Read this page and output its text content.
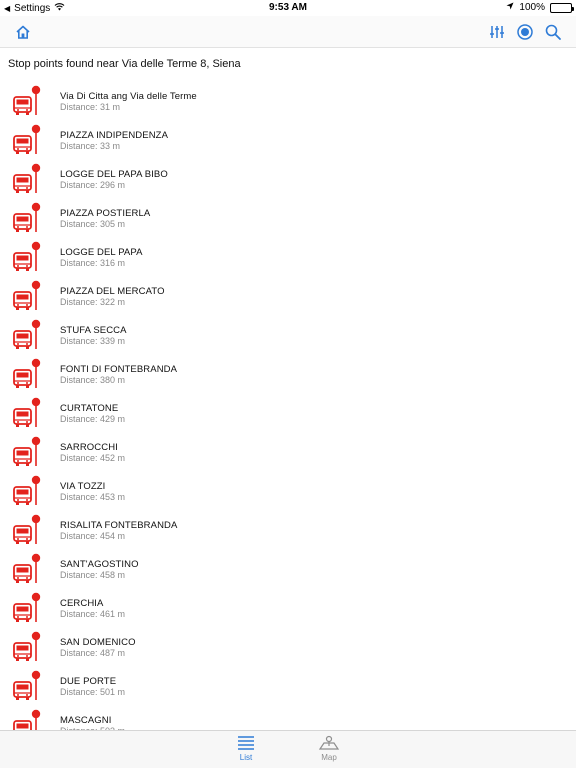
◀ Settings	9:53 AM	100%
Stop points found near Via delle Terme 8, Siena
Via Di Citta ang Via delle Terme
Distance: 31 m
PIAZZA INDIPENDENZA
Distance: 33 m
LOGGE DEL PAPA BIBO
Distance: 296 m
PIAZZA POSTIERLA
Distance: 305 m
LOGGE DEL PAPA
Distance: 316 m
PIAZZA DEL MERCATO
Distance: 322 m
STUFA SECCA
Distance: 339 m
FONTI DI FONTEBRANDA
Distance: 380 m
CURTATONE
Distance: 429 m
SARROCCHI
Distance: 452 m
VIA TOZZI
Distance: 453 m
RISALITA FONTEBRANDA
Distance: 454 m
SANT'AGOSTINO
Distance: 458 m
CERCHIA
Distance: 461 m
SAN DOMENICO
Distance: 487 m
DUE PORTE
Distance: 501 m
MASCAGNI
List	Map
